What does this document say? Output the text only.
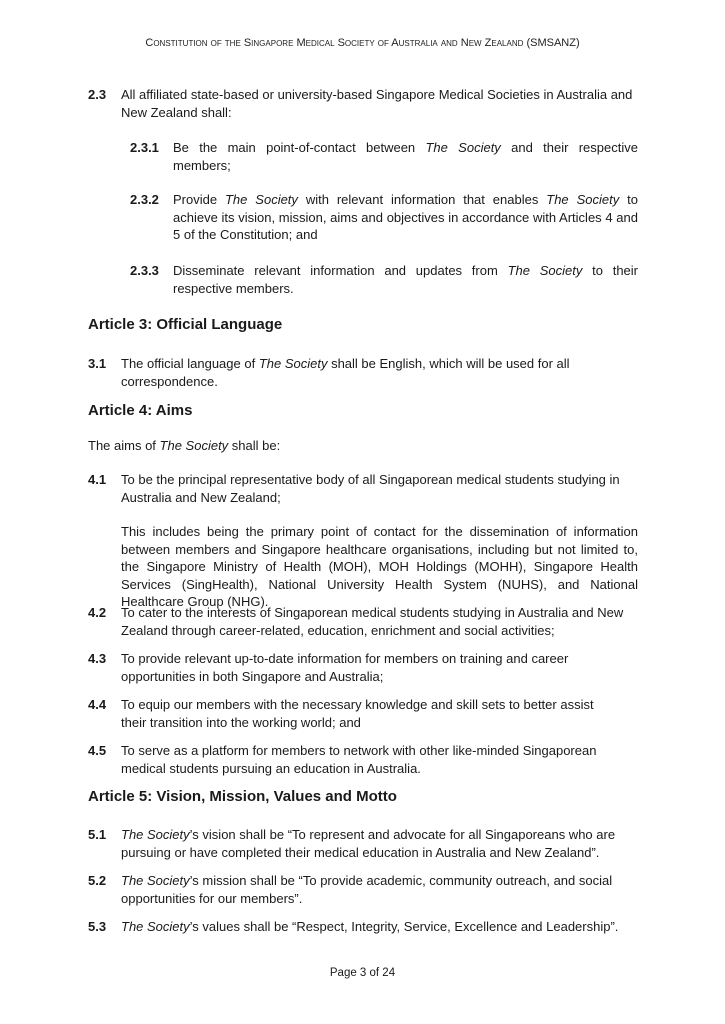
Constitution of the Singapore Medical Society of Australia and New Zealand (SMSANZ)
2.3 All affiliated state-based or university-based Singapore Medical Societies in Australia and New Zealand shall:
2.3.1 Be the main point-of-contact between The Society and their respective members;
2.3.2 Provide The Society with relevant information that enables The Society to achieve its vision, mission, aims and objectives in accordance with Articles 4 and 5 of the Constitution; and
2.3.3 Disseminate relevant information and updates from The Society to their respective members.
Article 3: Official Language
3.1 The official language of The Society shall be English, which will be used for all correspondence.
Article 4: Aims
The aims of The Society shall be:
4.1 To be the principal representative body of all Singaporean medical students studying in Australia and New Zealand;
This includes being the primary point of contact for the dissemination of information between members and Singapore healthcare organisations, including but not limited to, the Singapore Ministry of Health (MOH), MOH Holdings (MOHH), Singapore Health Services (SingHealth), National University Health System (NUHS), and National Healthcare Group (NHG).
4.2 To cater to the interests of Singaporean medical students studying in Australia and New Zealand through career-related, education, enrichment and social activities;
4.3 To provide relevant up-to-date information for members on training and career opportunities in both Singapore and Australia;
4.4 To equip our members with the necessary knowledge and skill sets to better assist their transition into the working world; and
4.5 To serve as a platform for members to network with other like-minded Singaporean medical students pursuing an education in Australia.
Article 5: Vision, Mission, Values and Motto
5.1 The Society’s vision shall be “To represent and advocate for all Singaporeans who are pursuing or have completed their medical education in Australia and New Zealand”.
5.2 The Society’s mission shall be “To provide academic, community outreach, and social opportunities for our members”.
5.3 The Society’s values shall be “Respect, Integrity, Service, Excellence and Leadership”.
Page 3 of 24
